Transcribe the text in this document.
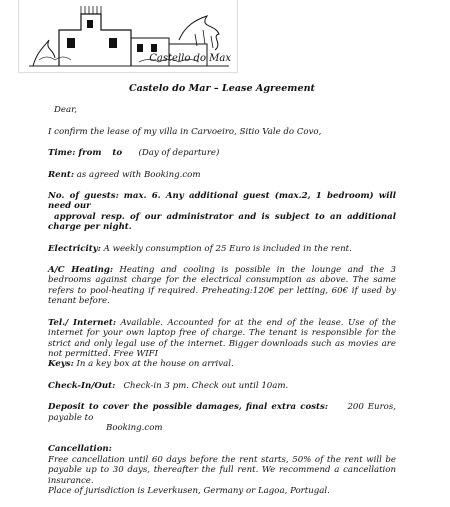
Castello do Max
Castelo do Mar – Lease Agreement
Dear,
I confirm the lease of my villa in Carvoeiro, Sitio Vale do Covo,
Time: from to (Day of departure)
Rent: as agreed with Booking.com
No. of guests: max. 6. Any additional guest (max.2, 1 bedroom) will need our
approval resp. of our administrator and is subject to an additional charge per night.
Electricity: A weekly consumption of 25 Euro is included in the rent.
A/C Heating: Heating and cooling is possible in the lounge and the 3 bedrooms against charge for the electrical consumption as above. The same refers to pool-heating if required. Preheating:120€ per letting, 60€ if used by tenant before.
Tel./ Internet: Available. Accounted for at the end of the lease. Use of the internet for your own laptop free of charge. The tenant is responsible for the strict and only legal use of the internet. Bigger downloads such as movies are not permitted. Free WIFI
Keys: In a key box at the house on arrival.
Check-In/Out: Check-in 3 pm. Check out until 10am.
Deposit to cover the possible damages, final extra costs: 200 Euros, payable to
Booking.com
Cancellation:
Free cancellation until 60 days before the rent starts, 50% of the rent will be payable up to 30 days, thereafter the full rent. We recommend a cancellation insurance.
Place of jurisdiction is Leverkusen, Germany or Lagoa, Portugal.
